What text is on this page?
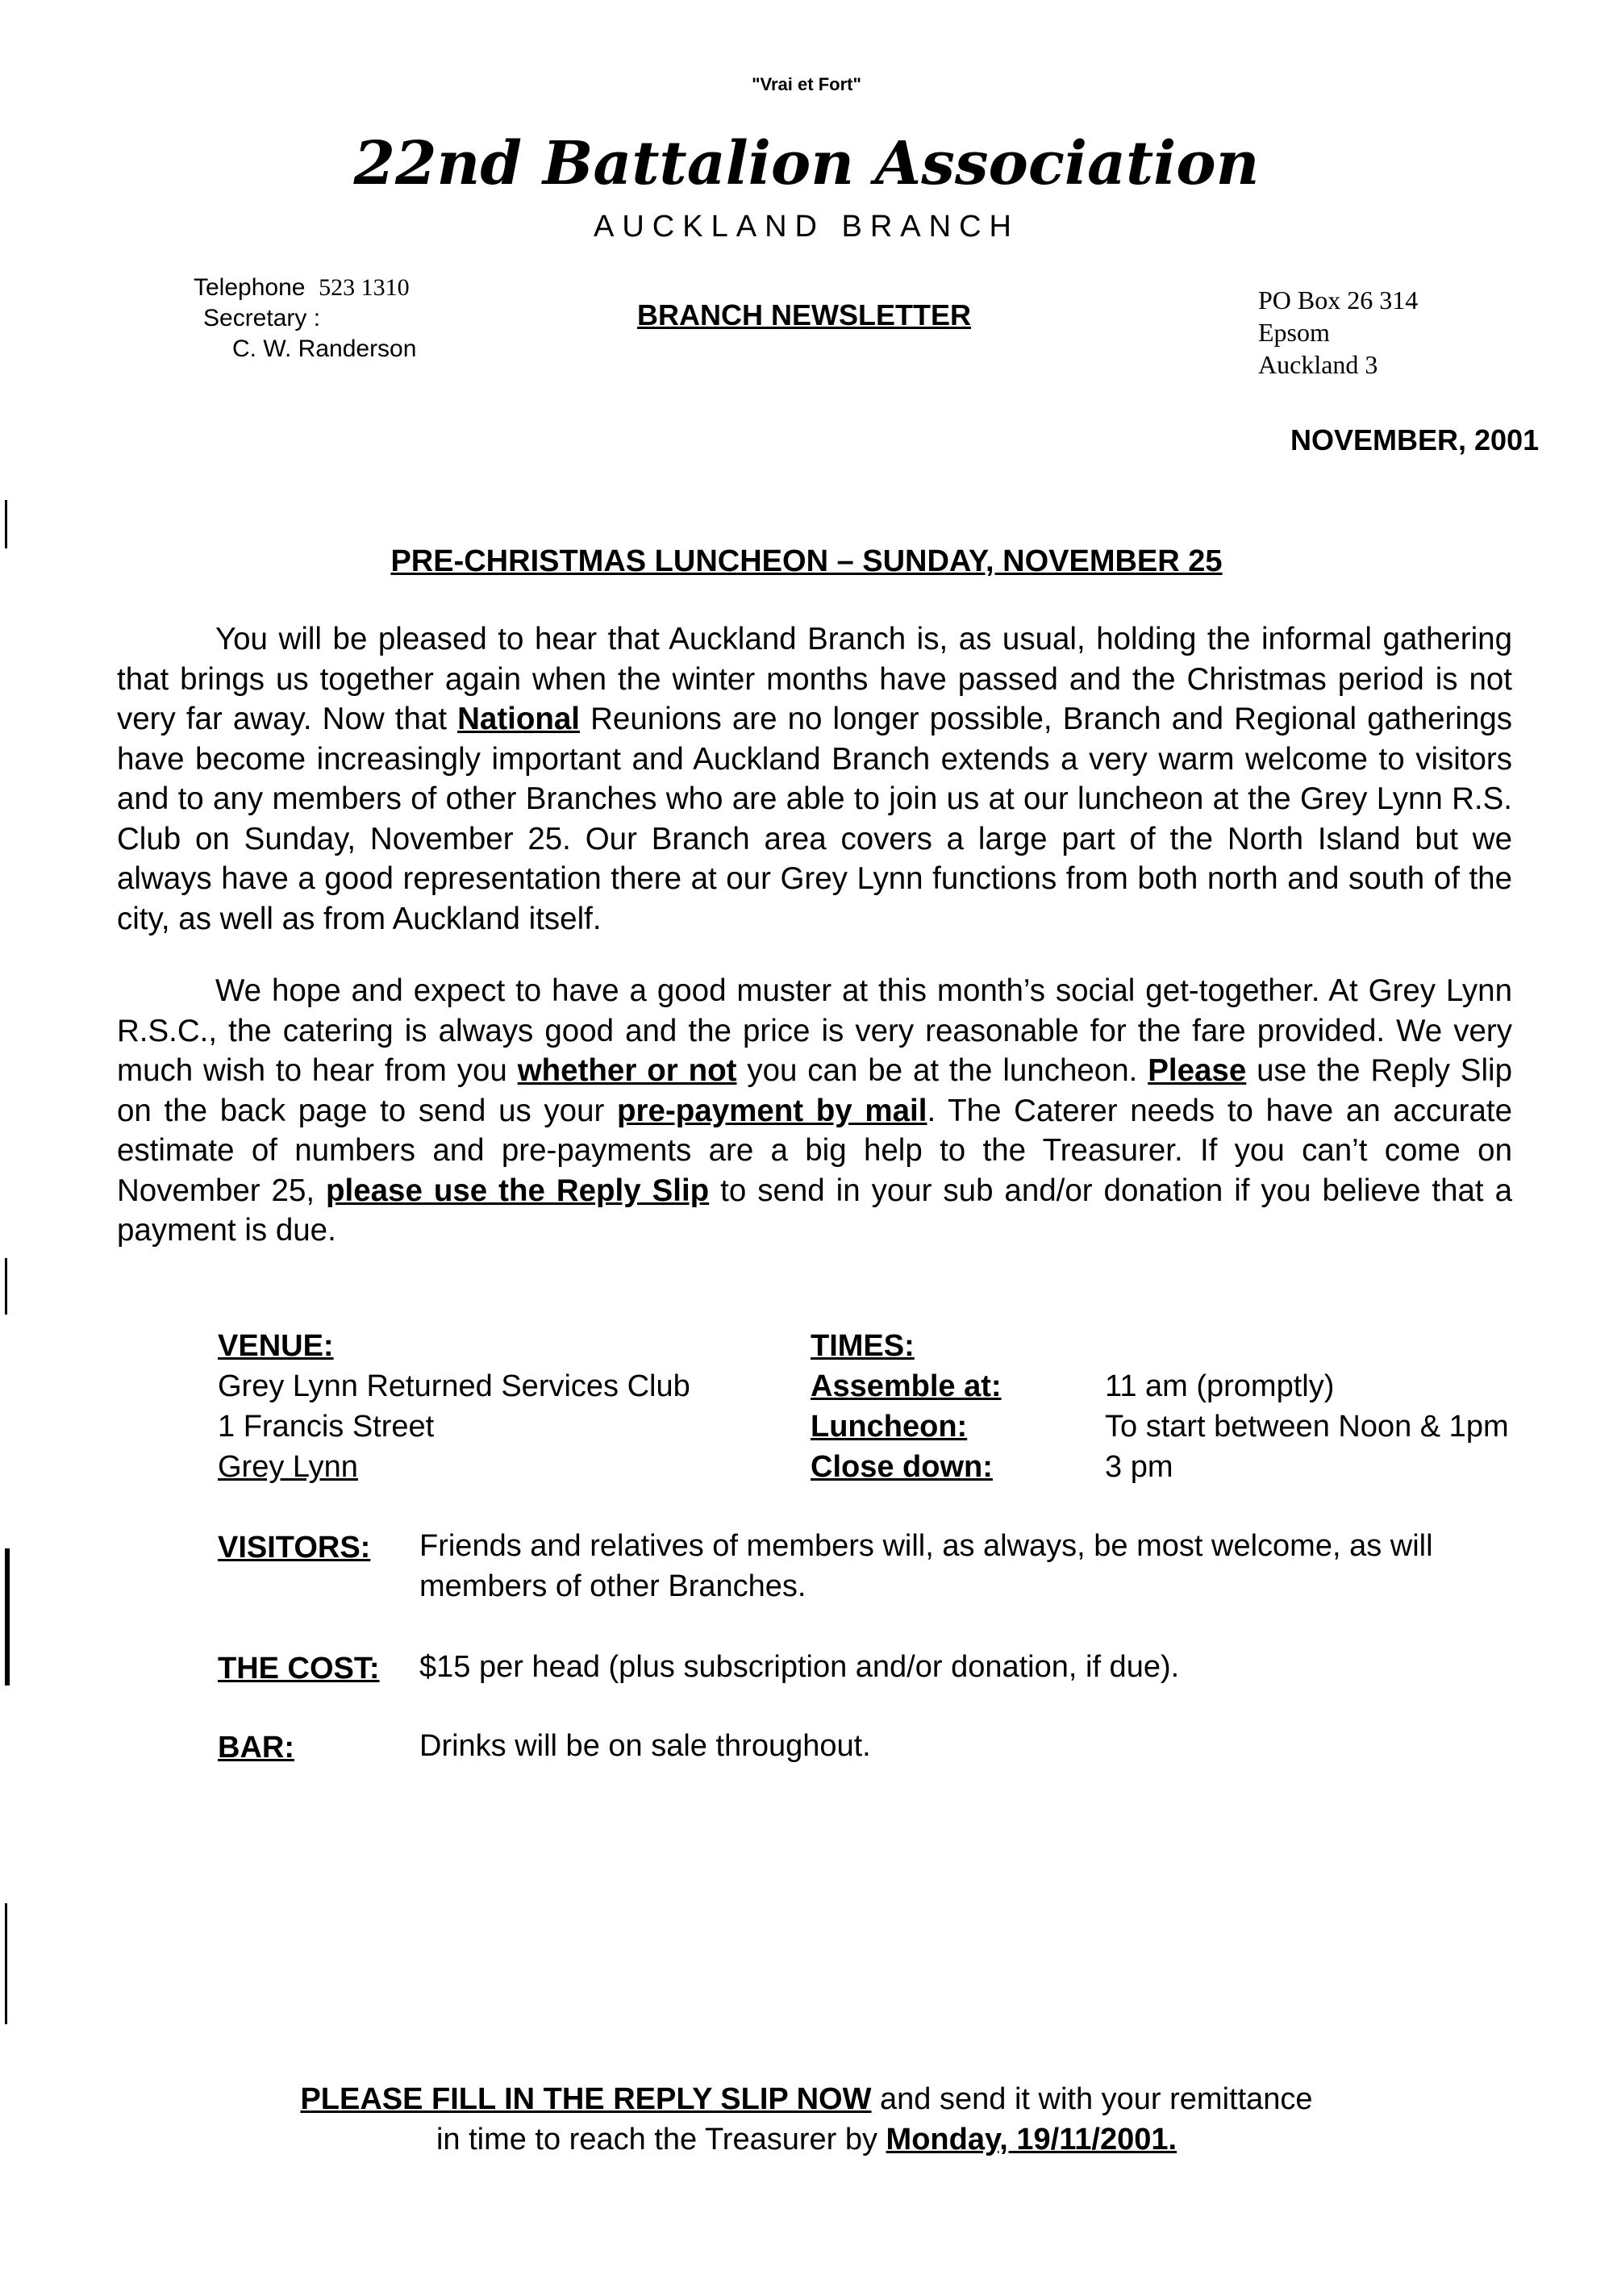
"Vrai et Fort"
22nd Battalion Association
AUCKLAND BRANCH
Telephone 523 1310
Secretary :
C. W. Randerson
BRANCH NEWSLETTER	PO Box 26 314
Epsom
Auckland 3
NOVEMBER, 2001
PRE-CHRISTMAS LUNCHEON – SUNDAY, NOVEMBER 25
You will be pleased to hear that Auckland Branch is, as usual, holding the informal gathering that brings us together again when the winter months have passed and the Christmas period is not very far away. Now that National Reunions are no longer possible, Branch and Regional gatherings have become increasingly important and Auckland Branch extends a very warm welcome to visitors and to any members of other Branches who are able to join us at our luncheon at the Grey Lynn R.S. Club on Sunday, November 25. Our Branch area covers a large part of the North Island but we always have a good representation there at our Grey Lynn functions from both north and south of the city, as well as from Auckland itself.
We hope and expect to have a good muster at this month’s social get-together. At Grey Lynn R.S.C., the catering is always good and the price is very reasonable for the fare provided. We very much wish to hear from you whether or not you can be at the luncheon. Please use the Reply Slip on the back page to send us your pre-payment by mail. The Caterer needs to have an accurate estimate of numbers and pre-payments are a big help to the Treasurer. If you can’t come on November 25, please use the Reply Slip to send in your sub and/or donation if you believe that a payment is due.
VENUE:
Grey Lynn Returned Services Club
1 Francis Street
Grey Lynn
TIMES:
Assemble at:	11 am (promptly)
Luncheon:	To start between Noon & 1pm
Close down:	3 pm
VISITORS: Friends and relatives of members will, as always, be most welcome, as will members of other Branches.
THE COST: $15 per head (plus subscription and/or donation, if due).
BAR:	Drinks will be on sale throughout.
PLEASE FILL IN THE REPLY SLIP NOW and send it with your remittance
in time to reach the Treasurer by Monday, 19/11/2001.
